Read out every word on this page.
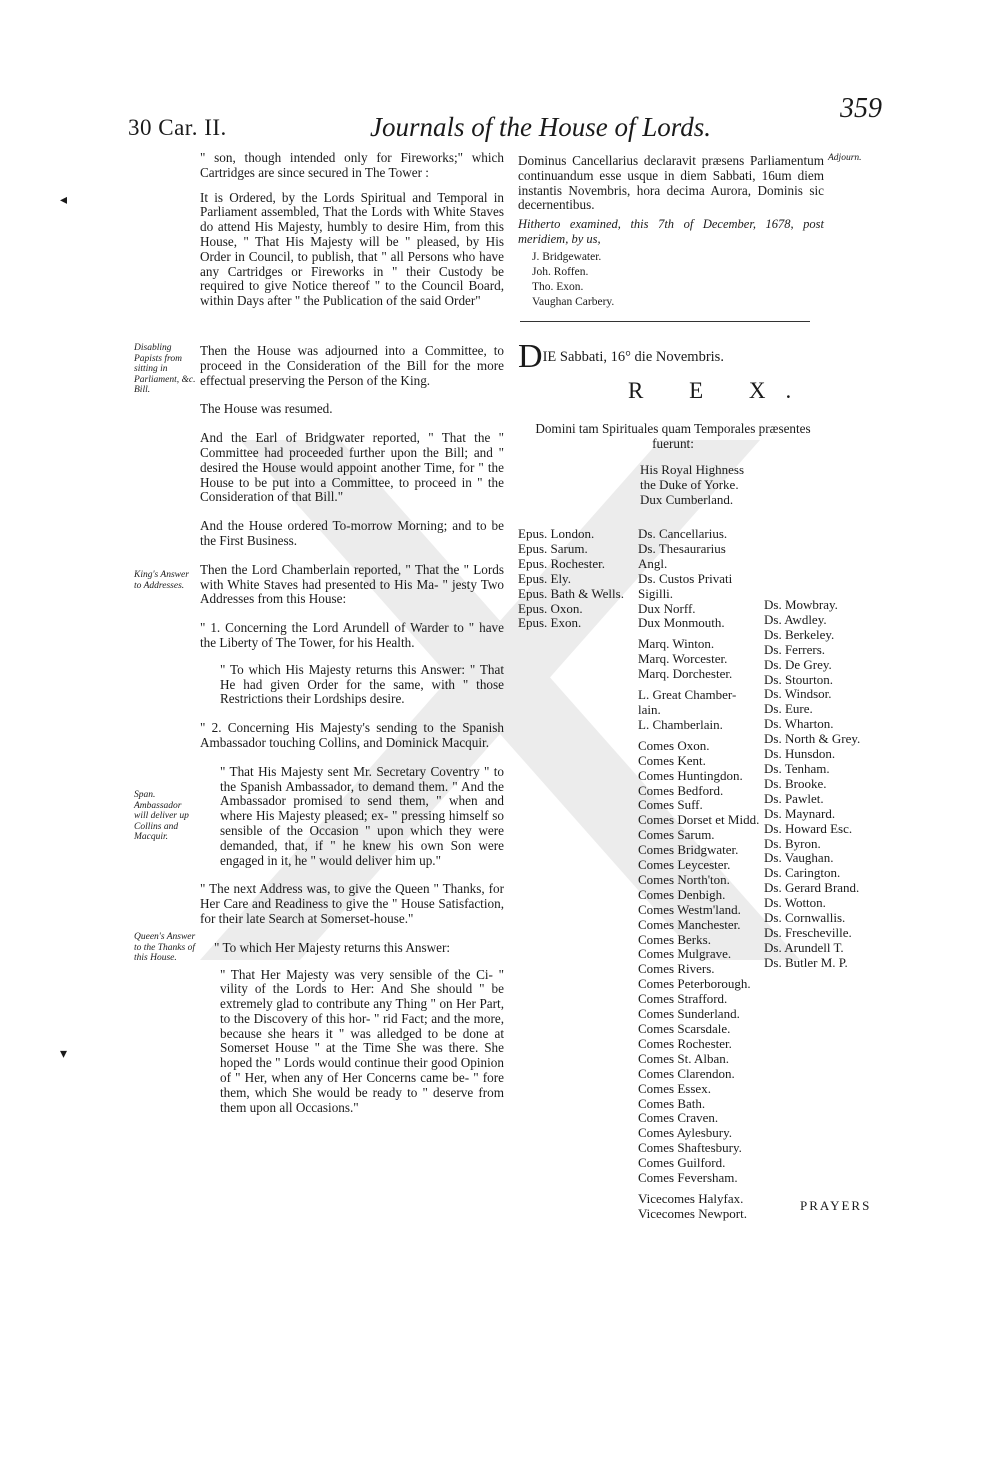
30 Car. II.	Journals of the House of Lords.
359
◂
▾

" son, though intended only for Fireworks;" which Cartridges are since secured in The Tower :

It is Ordered, by the Lords Spiritual and Temporal in Parliament assembled, That the Lords with White Staves do attend His Majesty, humbly to desire Him, from this House, " That His Majesty will be " pleased, by His Order in Council, to publish, that " all Persons who have any Cartridges or Fireworks in " their Custody be required to give Notice thereof " to the Council Board, within Days after " the Publication of the said Order"

Then the House was adjourned into a Committee, to proceed in the Consideration of the Bill for the more effectual preserving the Person of the King.

The House was resumed.

And the Earl of Bridgwater reported, " That the " Committee had proceeded further upon the Bill; and " desired the House would appoint another Time, for " the House to be put into a Committee, to proceed in " the Consideration of that Bill."

And the House ordered To-morrow Morning; and to be the First Business.

Then the Lord Chamberlain reported, " That the " Lords with White Staves had presented to His Ma- " jesty Two Addresses from this House:

" 1. Concerning the Lord Arundell of Warder to " have the Liberty of The Tower, for his Health.

" To which His Majesty returns this Answer: " That He had given Order for the same, with " those Restrictions their Lordships desire.

" 2. Concerning His Majesty's sending to the Spanish Ambassador touching Collins, and Dominick Macquir.

" That His Majesty sent Mr. Secretary Coventry " to the Spanish Ambassador, to demand them. " And the Ambassador promised to send them, " when and where His Majesty pleased; ex- " pressing himself so sensible of the Occasion " upon which they were demanded, that, if " he knew his own Son were engaged in it, he " would deliver him up."

" The next Address was, to give the Queen " Thanks, for Her Care and Readiness to give the " House Satisfaction, for their late Search at Somerset-house."

" To which Her Majesty returns this Answer:

" That Her Majesty was very sensible of the Ci- " vility of the Lords to Her: And She should " be extremely glad to contribute any Thing " on Her Part, to the Discovery of this hor- " rid Fact; and the more, because she hears it " was alledged to be done at Somerset House " at the Time She was there. She hoped the " Lords would continue their good Opinion of " Her, when any of Her Concerns came be- " fore them, which She would be ready to " deserve from them upon all Occasions."

Disabling Papists from sitting in Parliament, &c. Bill.
King's Answer to Addresses.
Span. Ambassador will deliver up Collins and Macquir.
Queen's Answer to the Thanks of this House.
Adjourn.
Dominus Cancellarius declaravit præsens Parliamentum continuandum esse usque in diem Sabbati, 16um diem instantis Novembris, hora decima Aurora, Dominis sic decernentibus.
Hitherto examined, this 7th of December, 1678, post meridiem, by us,
J. Bridgewater.
Joh. Roffen.
Tho. Exon.
Vaughan Carbery.
DIE Sabbati, 16° die Novembris.
R E X.
Domini tam Spirituales quam Temporales præsentes fuerunt:
His Royal Highness
the Duke of Yorke.
Dux Cumberland.
Epus. London.
Epus. Sarum.
Epus. Rochester.
Epus. Ely.
Epus. Bath & Wells.
Epus. Oxon.
Epus. Exon.
Ds. Cancellarius.
Ds. Thesaurarius
Angl.
Ds. Custos Privati
Sigilli.
Dux Norff.
Dux Monmouth.
Marq. Winton.
Marq. Worcester.
Marq. Dorchester.
L. Great Chamber-
lain.
L. Chamberlain.
Comes Oxon.
Comes Kent.
Comes Huntingdon.
Comes Bedford.
Comes Suff.
Comes Dorset et Midd.
Comes Sarum.
Comes Bridgwater.
Comes Leycester.
Comes North'ton.
Comes Denbigh.
Comes Westm'land.
Comes Manchester.
Comes Berks.
Comes Mulgrave.
Comes Rivers.
Comes Peterborough.
Comes Strafford.
Comes Sunderland.
Comes Scarsdale.
Comes Rochester.
Comes St. Alban.
Comes Clarendon.
Comes Essex.
Comes Bath.
Comes Craven.
Comes Aylesbury.
Comes Shaftesbury.
Comes Guilford.
Comes Feversham.
Vicecomes Halyfax.
Vicecomes Newport.
Ds. Mowbray.
Ds. Awdley.
Ds. Berkeley.
Ds. Ferrers.
Ds. De Grey.
Ds. Stourton.
Ds. Windsor.
Ds. Eure.
Ds. Wharton.
Ds. North & Grey.
Ds. Hunsdon.
Ds. Tenham.
Ds. Brooke.
Ds. Pawlet.
Ds. Maynard.
Ds. Howard Esc.
Ds. Byron.
Ds. Vaughan.
Ds. Carington.
Ds. Gerard Brand.
Ds. Wotton.
Ds. Cornwallis.
Ds. Frescheville.
Ds. Arundell T.
Ds. Butler M. P.
PRAYERS
